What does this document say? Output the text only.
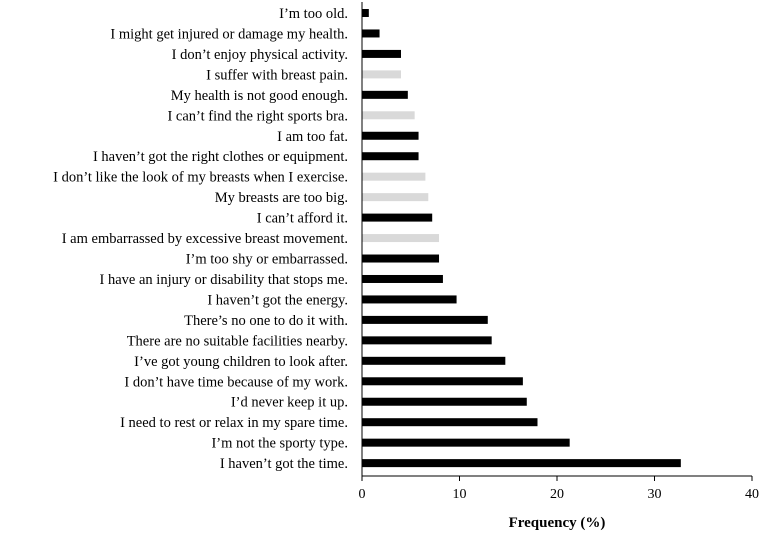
I’m too old.
I might get injured or damage my health.
I don’t enjoy physical activity.
I suffer with breast pain.
My health is not good enough.
I can’t find the right sports bra.
I am too fat.
I haven’t got the right clothes or equipment.
I don’t like the look of my breasts when I exercise.
My breasts are too big.
I can’t afford it.
I am embarrassed by excessive breast movement.
I’m too shy or embarrassed.
I have an injury or disability that stops me.
I haven’t got the energy.
There’s no one to do it with.
There are no suitable facilities nearby.
I’ve got young children to look after.
I don’t have time because of my work.
I’d never keep it up.
I need to rest or relax in my spare time.
I’m not the sporty type.
I haven’t got the time.
0	10	20	30	40
Frequency (%)
